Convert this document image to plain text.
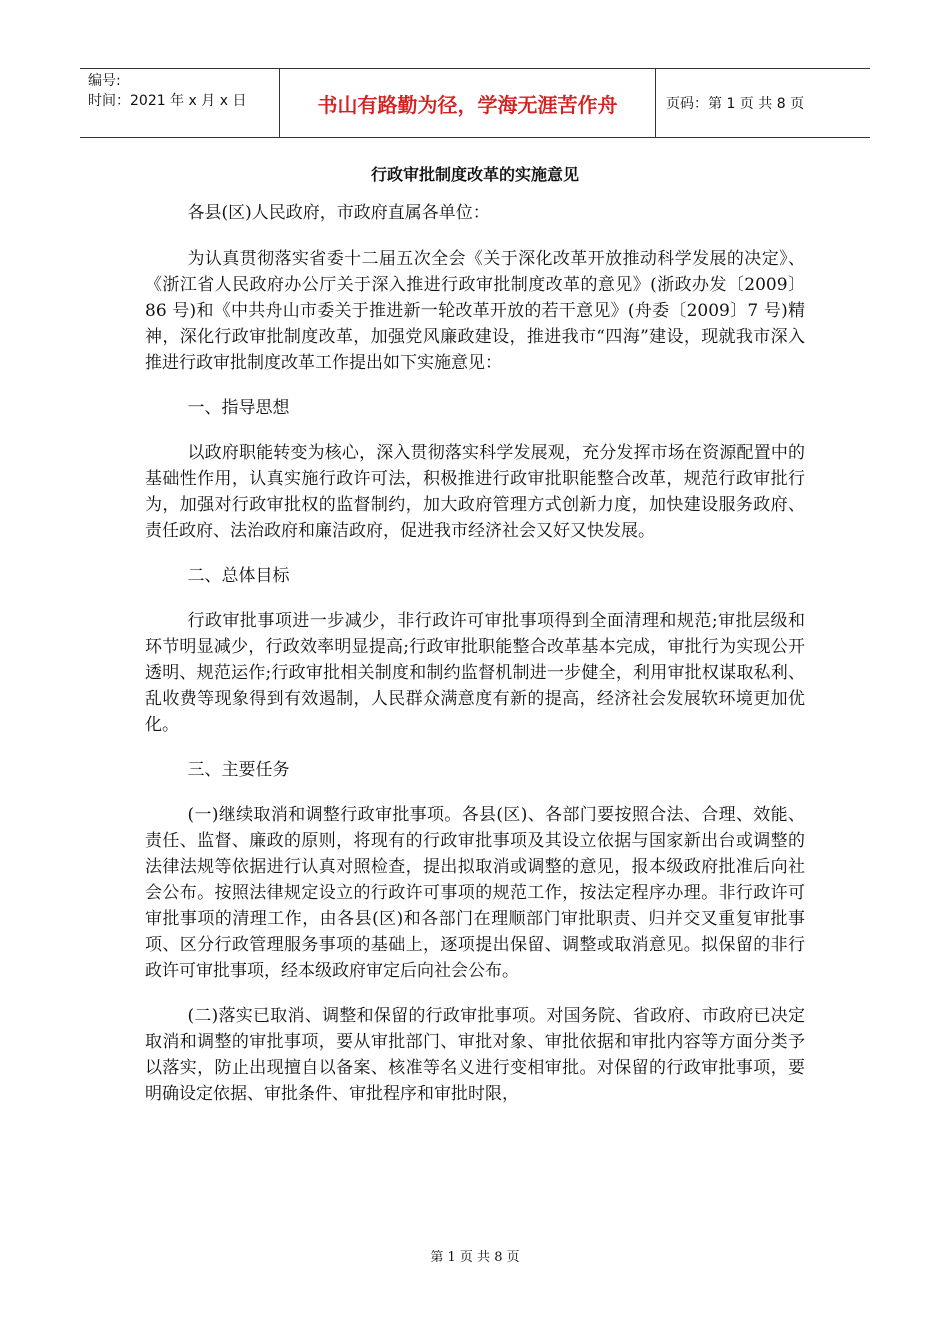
编号:
时间：2021 年 x 月 x 日	书山有路勤为径，学海无涯苦作舟	页码：第 1 页 共 8 页
行政审批制度改革的实施意见

各县(区)人民政府，市政府直属各单位：

为认真贯彻落实省委十二届五次全会《关于深化改革开放推动科学发展的决定》、《浙江省人民政府办公厅关于深入推进行政审批制度改革的意见》(浙政办发〔2009〕86 号)和《中共舟山市委关于推进新一轮改革开放的若干意见》(舟委〔2009〕7 号)精神，深化行政审批制度改革，加强党风廉政建设，推进我市“四海”建设，现就我市深入推进行政审批制度改革工作提出如下实施意见：

一、指导思想

以政府职能转变为核心，深入贯彻落实科学发展观，充分发挥市场在资源配置中的基础性作用，认真实施行政许可法，积极推进行政审批职能整合改革，规范行政审批行为，加强对行政审批权的监督制约，加大政府管理方式创新力度，加快建设服务政府、责任政府、法治政府和廉洁政府，促进我市经济社会又好又快发展。

二、总体目标

行政审批事项进一步减少，非行政许可审批事项得到全面清理和规范;审批层级和环节明显减少，行政效率明显提高;行政审批职能整合改革基本完成，审批行为实现公开透明、规范运作;行政审批相关制度和制约监督机制进一步健全，利用审批权谋取私利、乱收费等现象得到有效遏制，人民群众满意度有新的提高，经济社会发展软环境更加优化。

三、主要任务

(一)继续取消和调整行政审批事项。各县(区)、各部门要按照合法、合理、效能、责任、监督、廉政的原则，将现有的行政审批事项及其设立依据与国家新出台或调整的法律法规等依据进行认真对照检查，提出拟取消或调整的意见，报本级政府批准后向社会公布。按照法律规定设立的行政许可事项的规范工作，按法定程序办理。非行政许可审批事项的清理工作，由各县(区)和各部门在理顺部门审批职责、归并交叉重复审批事项、区分行政管理服务事项的基础上，逐项提出保留、调整或取消意见。拟保留的非行政许可审批事项，经本级政府审定后向社会公布。

(二)落实已取消、调整和保留的行政审批事项。对国务院、省政府、市政府已决定取消和调整的审批事项，要从审批部门、审批对象、审批依据和审批内容等方面分类予以落实，防止出现擅自以备案、核准等名义进行变相审批。对保留的行政审批事项，要明确设定依据、审批条件、审批程序和审批时限，

第 1 页 共 8 页
